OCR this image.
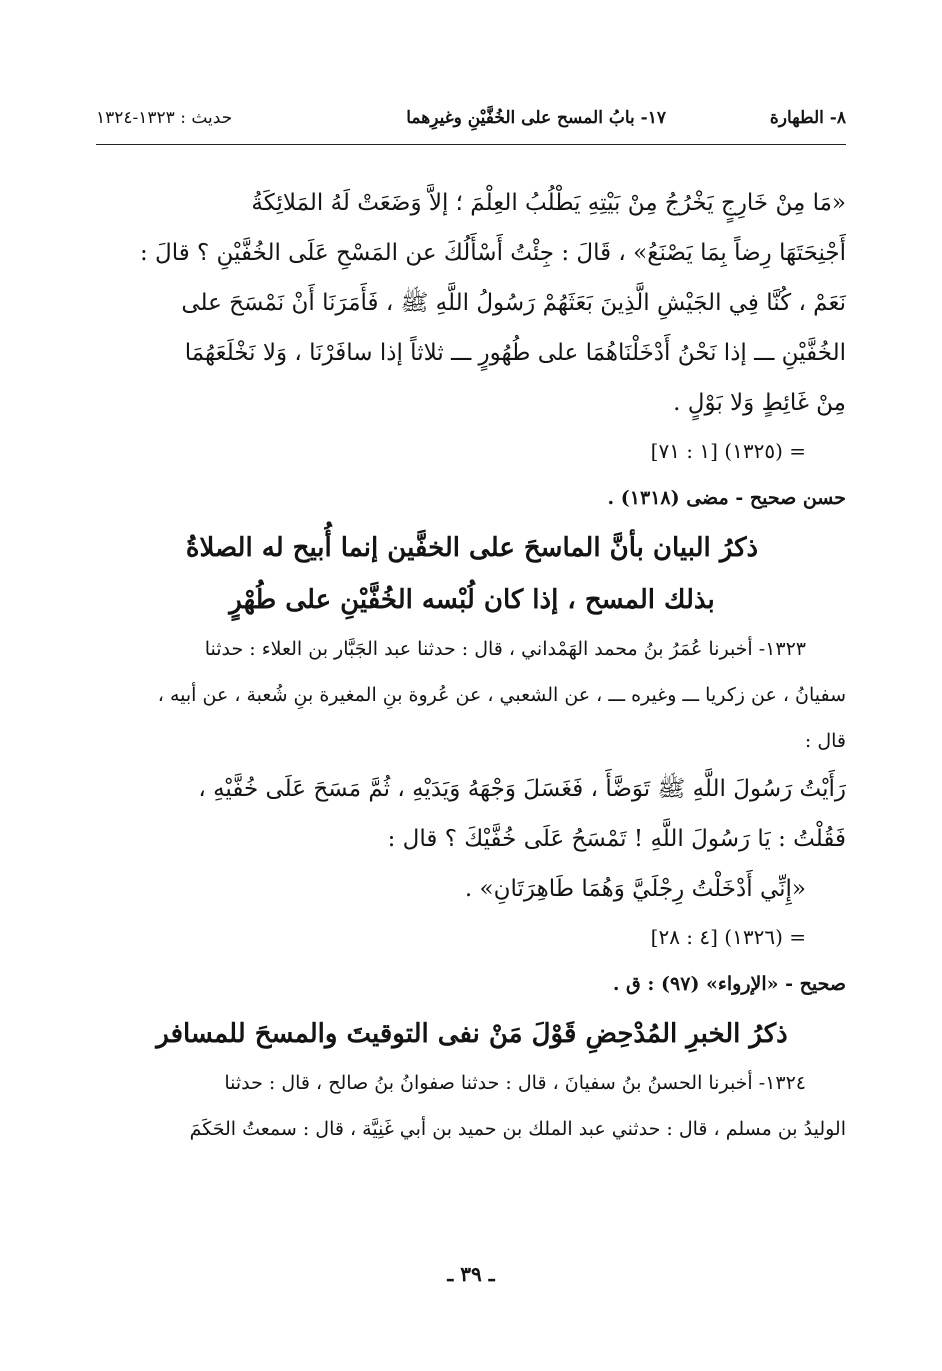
٨- الطهارة
١٧- بابُ المسح على الخُفَّيْنِ وغيرِهما
حديث : ١٣٢٣-١٣٢٤

«مَا مِنْ خَارِجٍ يَخْرُجُ مِنْ بَيْتِهِ يَطْلُبُ العِلْمَ ؛ إلاَّ وَضَعَتْ لَهُ المَلائِكَةُ

أَجْنِحَتَهَا رِضاً بِمَا يَصْنَعُ» ، قَالَ : جِئْتُ أَسْأَلُكَ عن المَسْحِ عَلَى الخُفَّيْنِ ؟ قالَ :

نَعَمْ ، كُنَّا فِي الجَيْشِ الَّذِينَ بَعَثَهُمْ رَسُولُ اللَّهِ ﷺ ، فَأَمَرَنَا أَنْ نَمْسَحَ على

الخُفَّيْنِ ـــ إذا نَحْنُ أَدْخَلْنَاهُمَا على طُهُورٍ ـــ ثلاثاً إذا سافَرْنَا ، وَلا نَخْلَعَهُمَا

مِنْ غَائِطٍ وَلا بَوْلٍ .

= (١٣٢٥) [١ : ٧١]

حسن صحيح - مضى (١٣١٨) .

ذكرُ البيان بأنَّ الماسحَ على الخفَّين إنما أُبيح له الصلاةُ

بذلك المسح ، إذا كان لُبْسه الخُفَّيْنِ على طُهْرٍ

١٣٢٣- أخبرنا عُمَرُ بنُ محمد الهَمْداني ، قال : حدثنا عبد الجَبَّار بن العلاء : حدثنا

سفيانُ ، عن زكريا ـــ وغيره ـــ ، عن الشعبي ، عن عُروة بنِ المغيرة بنِ شُعبة ، عن أبيه ،

قال :

رَأَيْتُ رَسُولَ اللَّهِ ﷺ تَوَضَّأَ ، فَغَسَلَ وَجْهَهُ وَيَدَيْهِ ، ثُمَّ مَسَحَ عَلَى خُفَّيْهِ ،

فَقُلْتُ : يَا رَسُولَ اللَّهِ ! تَمْسَحُ عَلَى خُفَّيْكَ ؟ قال :

«إِنِّي أَدْخَلْتُ رِجْلَيَّ وَهُمَا طَاهِرَتَانِ» .

= (١٣٢٦) [٤ : ٢٨]

صحيح - «الإرواء» (٩٧) : ق .

ذكرُ الخبرِ المُدْحِضِ قَوْلَ مَنْ نفى التوقيتَ والمسحَ للمسافر

١٣٢٤- أخبرنا الحسنُ بنُ سفيانَ ، قال : حدثنا صفوانُ بنُ صالح ، قال : حدثنا

الوليدُ بن مسلم ، قال : حدثني عبد الملك بن حميد بن أبي غَنِيَّة ، قال : سمعتُ الحَكَمَ

ـ ٣٩ ـ
